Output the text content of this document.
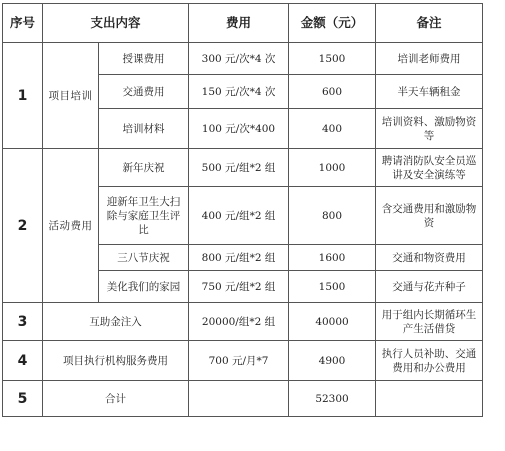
序号	支出内容		费用	金额（元）	备注
1	项目培训	授课费用	300 元/次*4 次	1500	培训老师费用
		交通费用	150 元/次*4 次	600	半天车辆租金
		培训材料	100 元/次*400	400	培训资料、激励物资等
2	活动费用	新年庆祝	500 元/组*2 组	1000	聘请消防队安全员巡讲及安全演练等
		迎新年卫生大扫除与家庭卫生评比	400 元/组*2 组	800	含交通费用和激励物资
		三八节庆祝	800 元/组*2 组	1600	交通和物资费用
		美化我们的家园	750 元/组*2 组	1500	交通与花卉种子
3	互助金注入		20000/组*2 组	40000	用于组内长期循环生产生活借贷
4	项目执行机构服务费用		700 元/月*7	4900	执行人员补助、交通费用和办公费用
5	合计			52300	
